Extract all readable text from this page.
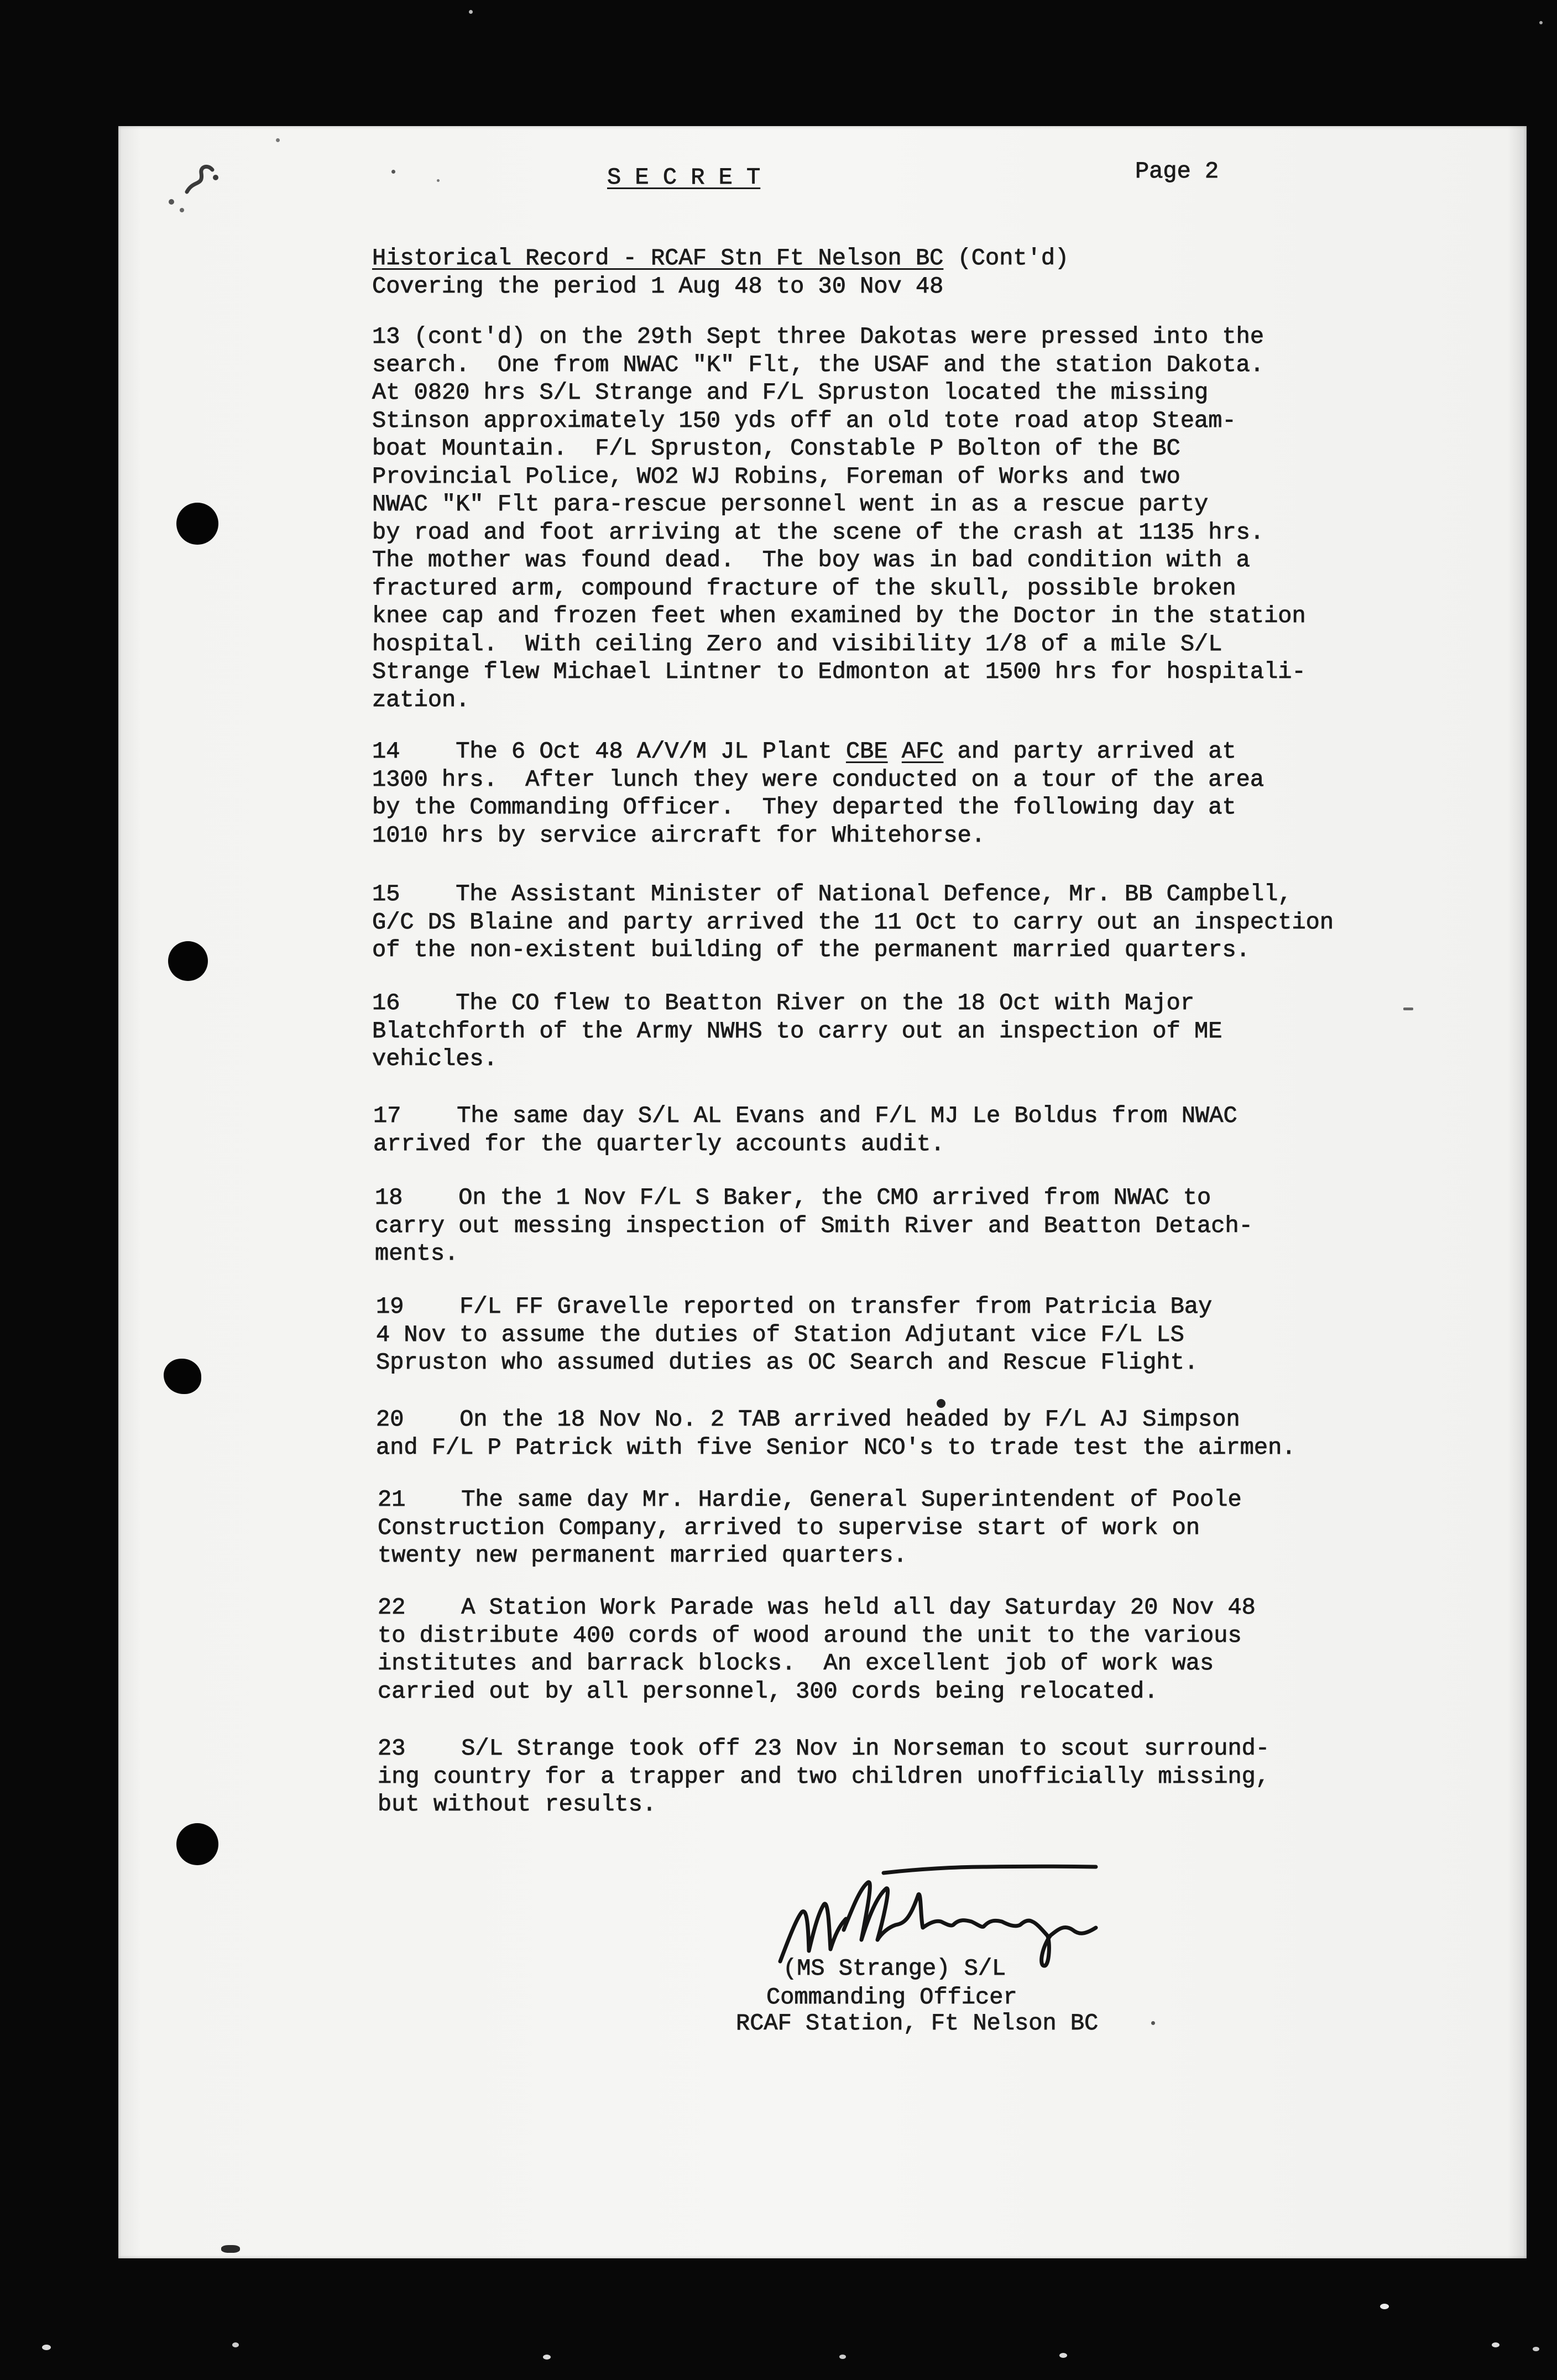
S E C R E T	Page 2
Historical Record - RCAF Stn Ft Nelson BC (Cont'd)
Covering the period 1 Aug 48 to 30 Nov 48
13 (cont'd) on the 29th Sept three Dakotas were pressed into the
search.  One from NWAC "K" Flt, the USAF and the station Dakota.
At 0820 hrs S/L Strange and F/L Spruston located the missing
Stinson approximately 150 yds off an old tote road atop Steam-
boat Mountain.  F/L Spruston, Constable P Bolton of the BC
Provincial Police, WO2 WJ Robins, Foreman of Works and two
NWAC "K" Flt para-rescue personnel went in as a rescue party
by road and foot arriving at the scene of the crash at 1135 hrs.
The mother was found dead.  The boy was in bad condition with a
fractured arm, compound fracture of the skull, possible broken
knee cap and frozen feet when examined by the Doctor in the station
hospital.  With ceiling Zero and visibility 1/8 of a mile S/L
Strange flew Michael Lintner to Edmonton at 1500 hrs for hospitali-
zation.
14    The 6 Oct 48 A/V/M JL Plant CBE AFC and party arrived at
1300 hrs.  After lunch they were conducted on a tour of the area
by the Commanding Officer.  They departed the following day at
1010 hrs by service aircraft for Whitehorse.
15    The Assistant Minister of National Defence, Mr. BB Campbell,
G/C DS Blaine and party arrived the 11 Oct to carry out an inspection
of the non-existent building of the permanent married quarters.
16    The CO flew to Beatton River on the 18 Oct with Major
Blatchforth of the Army NWHS to carry out an inspection of ME
vehicles.
17    The same day S/L AL Evans and F/L MJ Le Boldus from NWAC
arrived for the quarterly accounts audit.
18    On the 1 Nov F/L S Baker, the CMO arrived from NWAC to
carry out messing inspection of Smith River and Beatton Detach-
ments.
19    F/L FF Gravelle reported on transfer from Patricia Bay
4 Nov to assume the duties of Station Adjutant vice F/L LS
Spruston who assumed duties as OC Search and Rescue Flight.
20    On the 18 Nov No. 2 TAB arrived headed by F/L AJ Simpson
and F/L P Patrick with five Senior NCO's to trade test the airmen.
21    The same day Mr. Hardie, General Superintendent of Poole
Construction Company, arrived to supervise start of work on
twenty new permanent married quarters.
22    A Station Work Parade was held all day Saturday 20 Nov 48
to distribute 400 cords of wood around the unit to the various
institutes and barrack blocks.  An excellent job of work was
carried out by all personnel, 300 cords being relocated.
23    S/L Strange took off 23 Nov in Norseman to scout surround-
ing country for a trapper and two children unofficially missing,
but without results.
(MS Strange) S/L
Commanding Officer
RCAF Station, Ft Nelson BC
